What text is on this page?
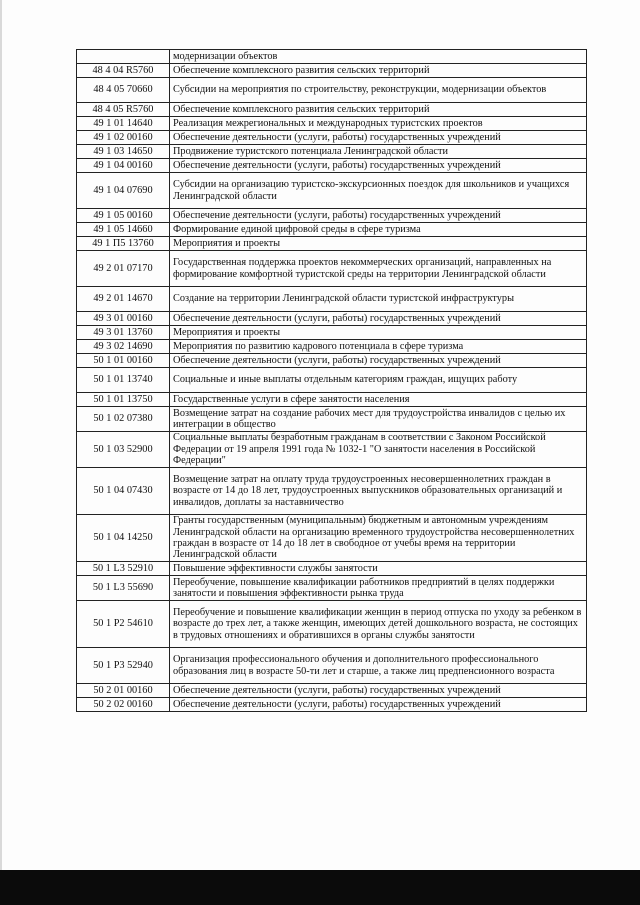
	модернизации объектов
48 4 04 R5760	Обеспечение комплексного развития сельских территорий
48 4 05 70660	Субсидии на мероприятия по строительству, реконструкции, модернизации объектов
48 4 05 R5760	Обеспечение комплексного развития сельских территорий
49 1 01 14640	Реализация межрегиональных и международных туристских проектов
49 1 02 00160	Обеспечение деятельности (услуги, работы) государственных учреждений
49 1 03 14650	Продвижение туристского потенциала Ленинградской области
49 1 04 00160	Обеспечение деятельности (услуги, работы) государственных учреждений
49 1 04 07690	Субсидии на организацию туристско-экскурсионных поездок для школьников и учащихся Ленинградской области
49 1 05 00160	Обеспечение деятельности (услуги, работы) государственных учреждений
49 1 05 14660	Формирование единой цифровой среды в сфере туризма
49 1 П5 13760	Мероприятия и проекты
49 2 01 07170	Государственная поддержка проектов некоммерческих организаций, направленных на формирование комфортной туристской среды на территории Ленинградской области
49 2 01 14670	Создание на территории Ленинградской области туристской инфраструктуры
49 3 01 00160	Обеспечение деятельности (услуги, работы) государственных учреждений
49 3 01 13760	Мероприятия и проекты
49 3 02 14690	Мероприятия по развитию кадрового потенциала в сфере туризма
50 1 01 00160	Обеспечение деятельности (услуги, работы) государственных учреждений
50 1 01 13740	Социальные и иные выплаты отдельным категориям граждан, ищущих работу
50 1 01 13750	Государственные услуги в сфере занятости населения
50 1 02 07380	Возмещение затрат на создание рабочих мест для трудоустройства инвалидов с целью их интеграции в общество
50 1 03 52900	Социальные выплаты безработным гражданам в соответствии с Законом Российской Федерации от 19 апреля 1991 года № 1032-1 "О занятости населения в Российской Федерации"
50 1 04 07430	Возмещение затрат на оплату труда трудоустроенных несовершеннолетних граждан в возрасте от 14 до 18 лет, трудоустроенных выпускников образовательных организаций и инвалидов, доплаты за наставничество
50 1 04 14250	Гранты государственным (муниципальным) бюджетным и автономным учреждениям Ленинградской области на организацию временного трудоустройства несовершеннолетних граждан в возрасте от 14 до 18 лет в свободное от учебы время на территории Ленинградской области
50 1 L3 52910	Повышение эффективности службы занятости
50 1 L3 55690	Переобучение, повышение квалификации работников предприятий в целях поддержки занятости и повышения эффективности рынка труда
50 1 P2 54610	Переобучение и повышение квалификации женщин в период отпуска по уходу за ребенком в возрасте до трех лет, а также женщин, имеющих детей дошкольного возраста, не состоящих в трудовых отношениях и обратившихся в органы службы занятости
50 1 P3 52940	Организация профессионального обучения и дополнительного профессионального образования лиц в возрасте 50-ти лет и старше, а также лиц предпенсионного возраста
50 2 01 00160	Обеспечение деятельности (услуги, работы) государственных учреждений
50 2 02 00160	Обеспечение деятельности (услуги, работы) государственных учреждений
